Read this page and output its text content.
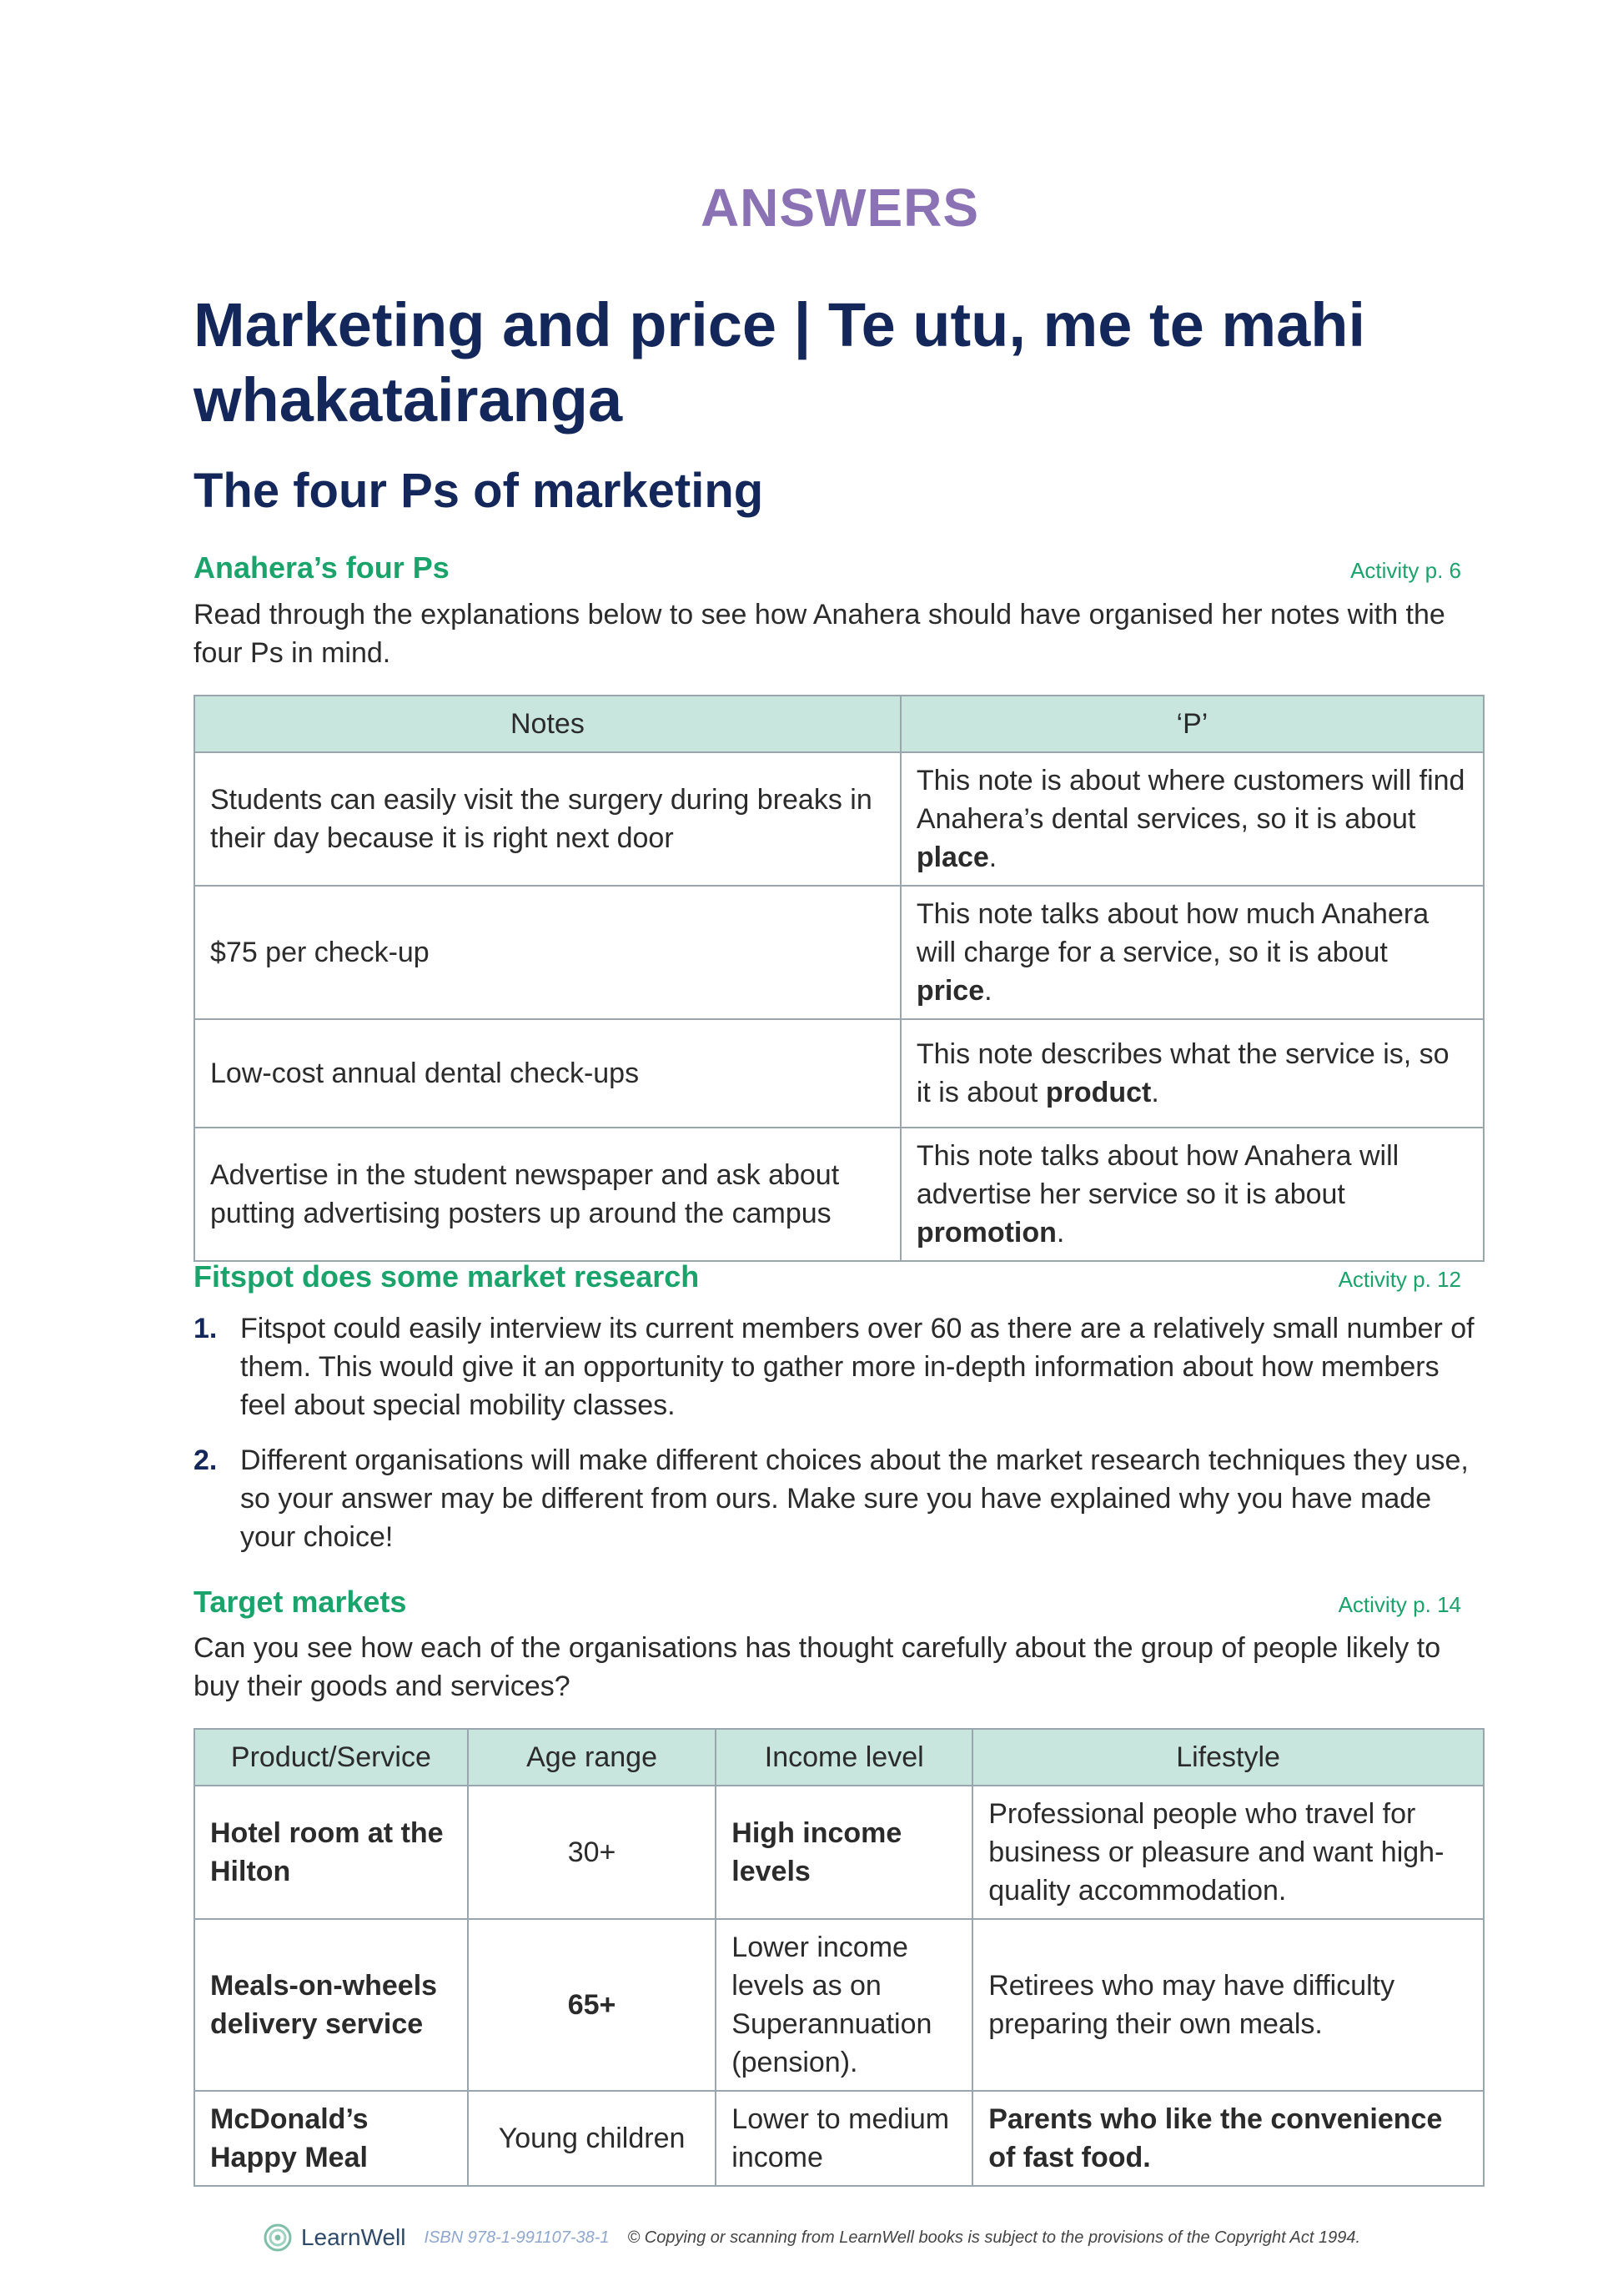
ANSWERS
Marketing and price | Te utu, me te mahi whakatairanga
The four Ps of marketing
Anahera’s four Ps	Activity p. 6

Read through the explanations below to see how Anahera should have organised her notes with the four Ps in mind.

Notes	‘P’
Students can easily visit the surgery during breaks in their day because it is right next door	This note is about where customers will find Anahera’s dental services, so it is about place.
$75 per check-up	This note talks about how much Anahera will charge for a service, so it is about price.
Low-cost annual dental check-ups	This note describes what the service is, so it is about product.
Advertise in the student newspaper and ask about putting advertising posters up around the campus	This note talks about how Anahera will advertise her service so it is about promotion.
Fitspot does some market research	Activity p. 12
1. Fitspot could easily interview its current members over 60 as there are a relatively small number of them. This would give it an opportunity to gather more in-depth information about how members feel about special mobility classes.
2. Different organisations will make different choices about the market research techniques they use, so your answer may be different from ours. Make sure you have explained why you have made your choice!
Target markets	Activity p. 14

Can you see how each of the organisations has thought carefully about the group of people likely to buy their goods and services?

Product/Service	Age range	Income level	Lifestyle
Hotel room at the Hilton	30+	High income levels	Professional people who travel for business or pleasure and want high-quality accommodation.
Meals-on-wheels delivery service	65+	Lower income levels as on Superannuation (pension).	Retirees who may have difficulty preparing their own meals.
McDonald’s Happy Meal	Young children	Lower to medium income	Parents who like the convenience of fast food.
LearnWell ISBN 978-1-991107-38-1 © Copying or scanning from LearnWell books is subject to the provisions of the Copyright Act 1994.
